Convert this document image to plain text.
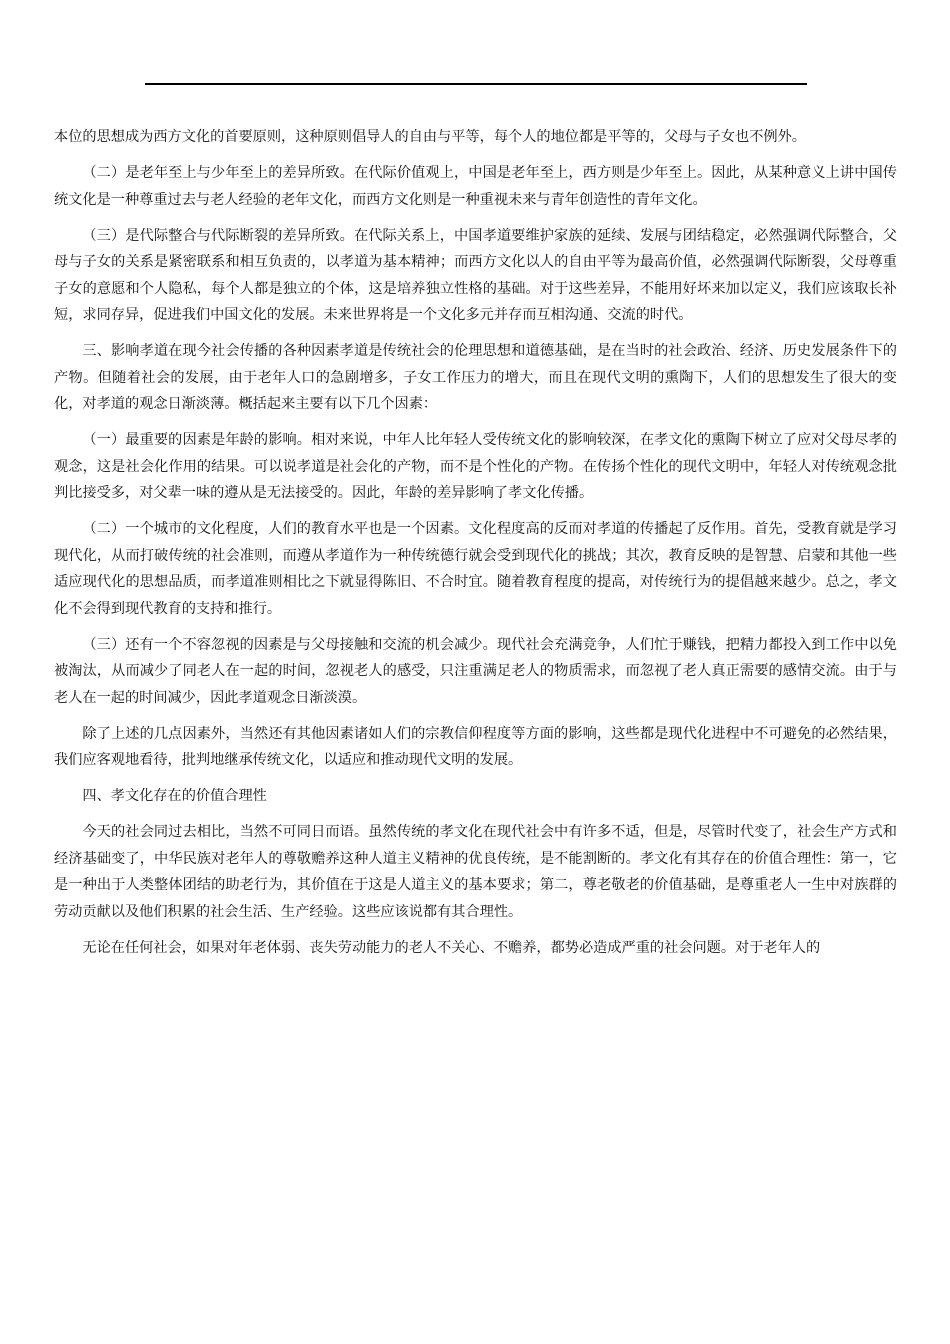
本位的思想成为西方文化的首要原则，这种原则倡导人的自由与平等，每个人的地位都是平等的，父母与子女也不例外。

（二）是老年至上与少年至上的差异所致。在代际价值观上，中国是老年至上，西方则是少年至上。因此，从某种意义上讲中国传统文化是一种尊重过去与老人经验的老年文化，而西方文化则是一种重视未来与青年创造性的青年文化。

（三）是代际整合与代际断裂的差异所致。在代际关系上，中国孝道要维护家族的延续、发展与团结稳定，必然强调代际整合，父母与子女的关系是紧密联系和相互负责的，以孝道为基本精神；而西方文化以人的自由平等为最高价值，必然强调代际断裂，父母尊重子女的意愿和个人隐私，每个人都是独立的个体，这是培养独立性格的基础。对于这些差异，不能用好坏来加以定义，我们应该取长补短，求同存异，促进我们中国文化的发展。未来世界将是一个文化多元并存而互相沟通、交流的时代。

三、影响孝道在现今社会传播的各种因素孝道是传统社会的伦理思想和道德基础，是在当时的社会政治、经济、历史发展条件下的产物。但随着社会的发展，由于老年人口的急剧增多，子女工作压力的增大，而且在现代文明的熏陶下，人们的思想发生了很大的变化，对孝道的观念日渐淡薄。概括起来主要有以下几个因素：

（一）最重要的因素是年龄的影响。相对来说，中年人比年轻人受传统文化的影响较深，在孝文化的熏陶下树立了应对父母尽孝的观念，这是社会化作用的结果。可以说孝道是社会化的产物，而不是个性化的产物。在传扬个性化的现代文明中，年轻人对传统观念批判比接受多，对父辈一味的遵从是无法接受的。因此，年龄的差异影响了孝文化传播。

（二）一个城市的文化程度，人们的教育水平也是一个因素。文化程度高的反而对孝道的传播起了反作用。首先，受教育就是学习现代化，从而打破传统的社会准则，而遵从孝道作为一种传统德行就会受到现代化的挑战；其次，教育反映的是智慧、启蒙和其他一些适应现代化的思想品质，而孝道准则相比之下就显得陈旧、不合时宜。随着教育程度的提高，对传统行为的提倡越来越少。总之，孝文化不会得到现代教育的支持和推行。

（三）还有一个不容忽视的因素是与父母接触和交流的机会减少。现代社会充满竞争，人们忙于赚钱，把精力都投入到工作中以免被淘汰，从而减少了同老人在一起的时间，忽视老人的感受，只注重满足老人的物质需求，而忽视了老人真正需要的感情交流。由于与老人在一起的时间减少，因此孝道观念日渐淡漠。

除了上述的几点因素外，当然还有其他因素诸如人们的宗教信仰程度等方面的影响，这些都是现代化进程中不可避免的必然结果，我们应客观地看待，批判地继承传统文化，以适应和推动现代文明的发展。

四、孝文化存在的价值合理性

今天的社会同过去相比，当然不可同日而语。虽然传统的孝文化在现代社会中有许多不适，但是，尽管时代变了，社会生产方式和经济基础变了，中华民族对老年人的尊敬赡养这种人道主义精神的优良传统，是不能割断的。孝文化有其存在的价值合理性：第一，它是一种出于人类整体团结的助老行为，其价值在于这是人道主义的基本要求；第二，尊老敬老的价值基础，是尊重老人一生中对族群的劳动贡献以及他们积累的社会生活、生产经验。这些应该说都有其合理性。

无论在任何社会，如果对年老体弱、丧失劳动能力的老人不关心、不赡养，都势必造成严重的社会问题。对于老年人的
